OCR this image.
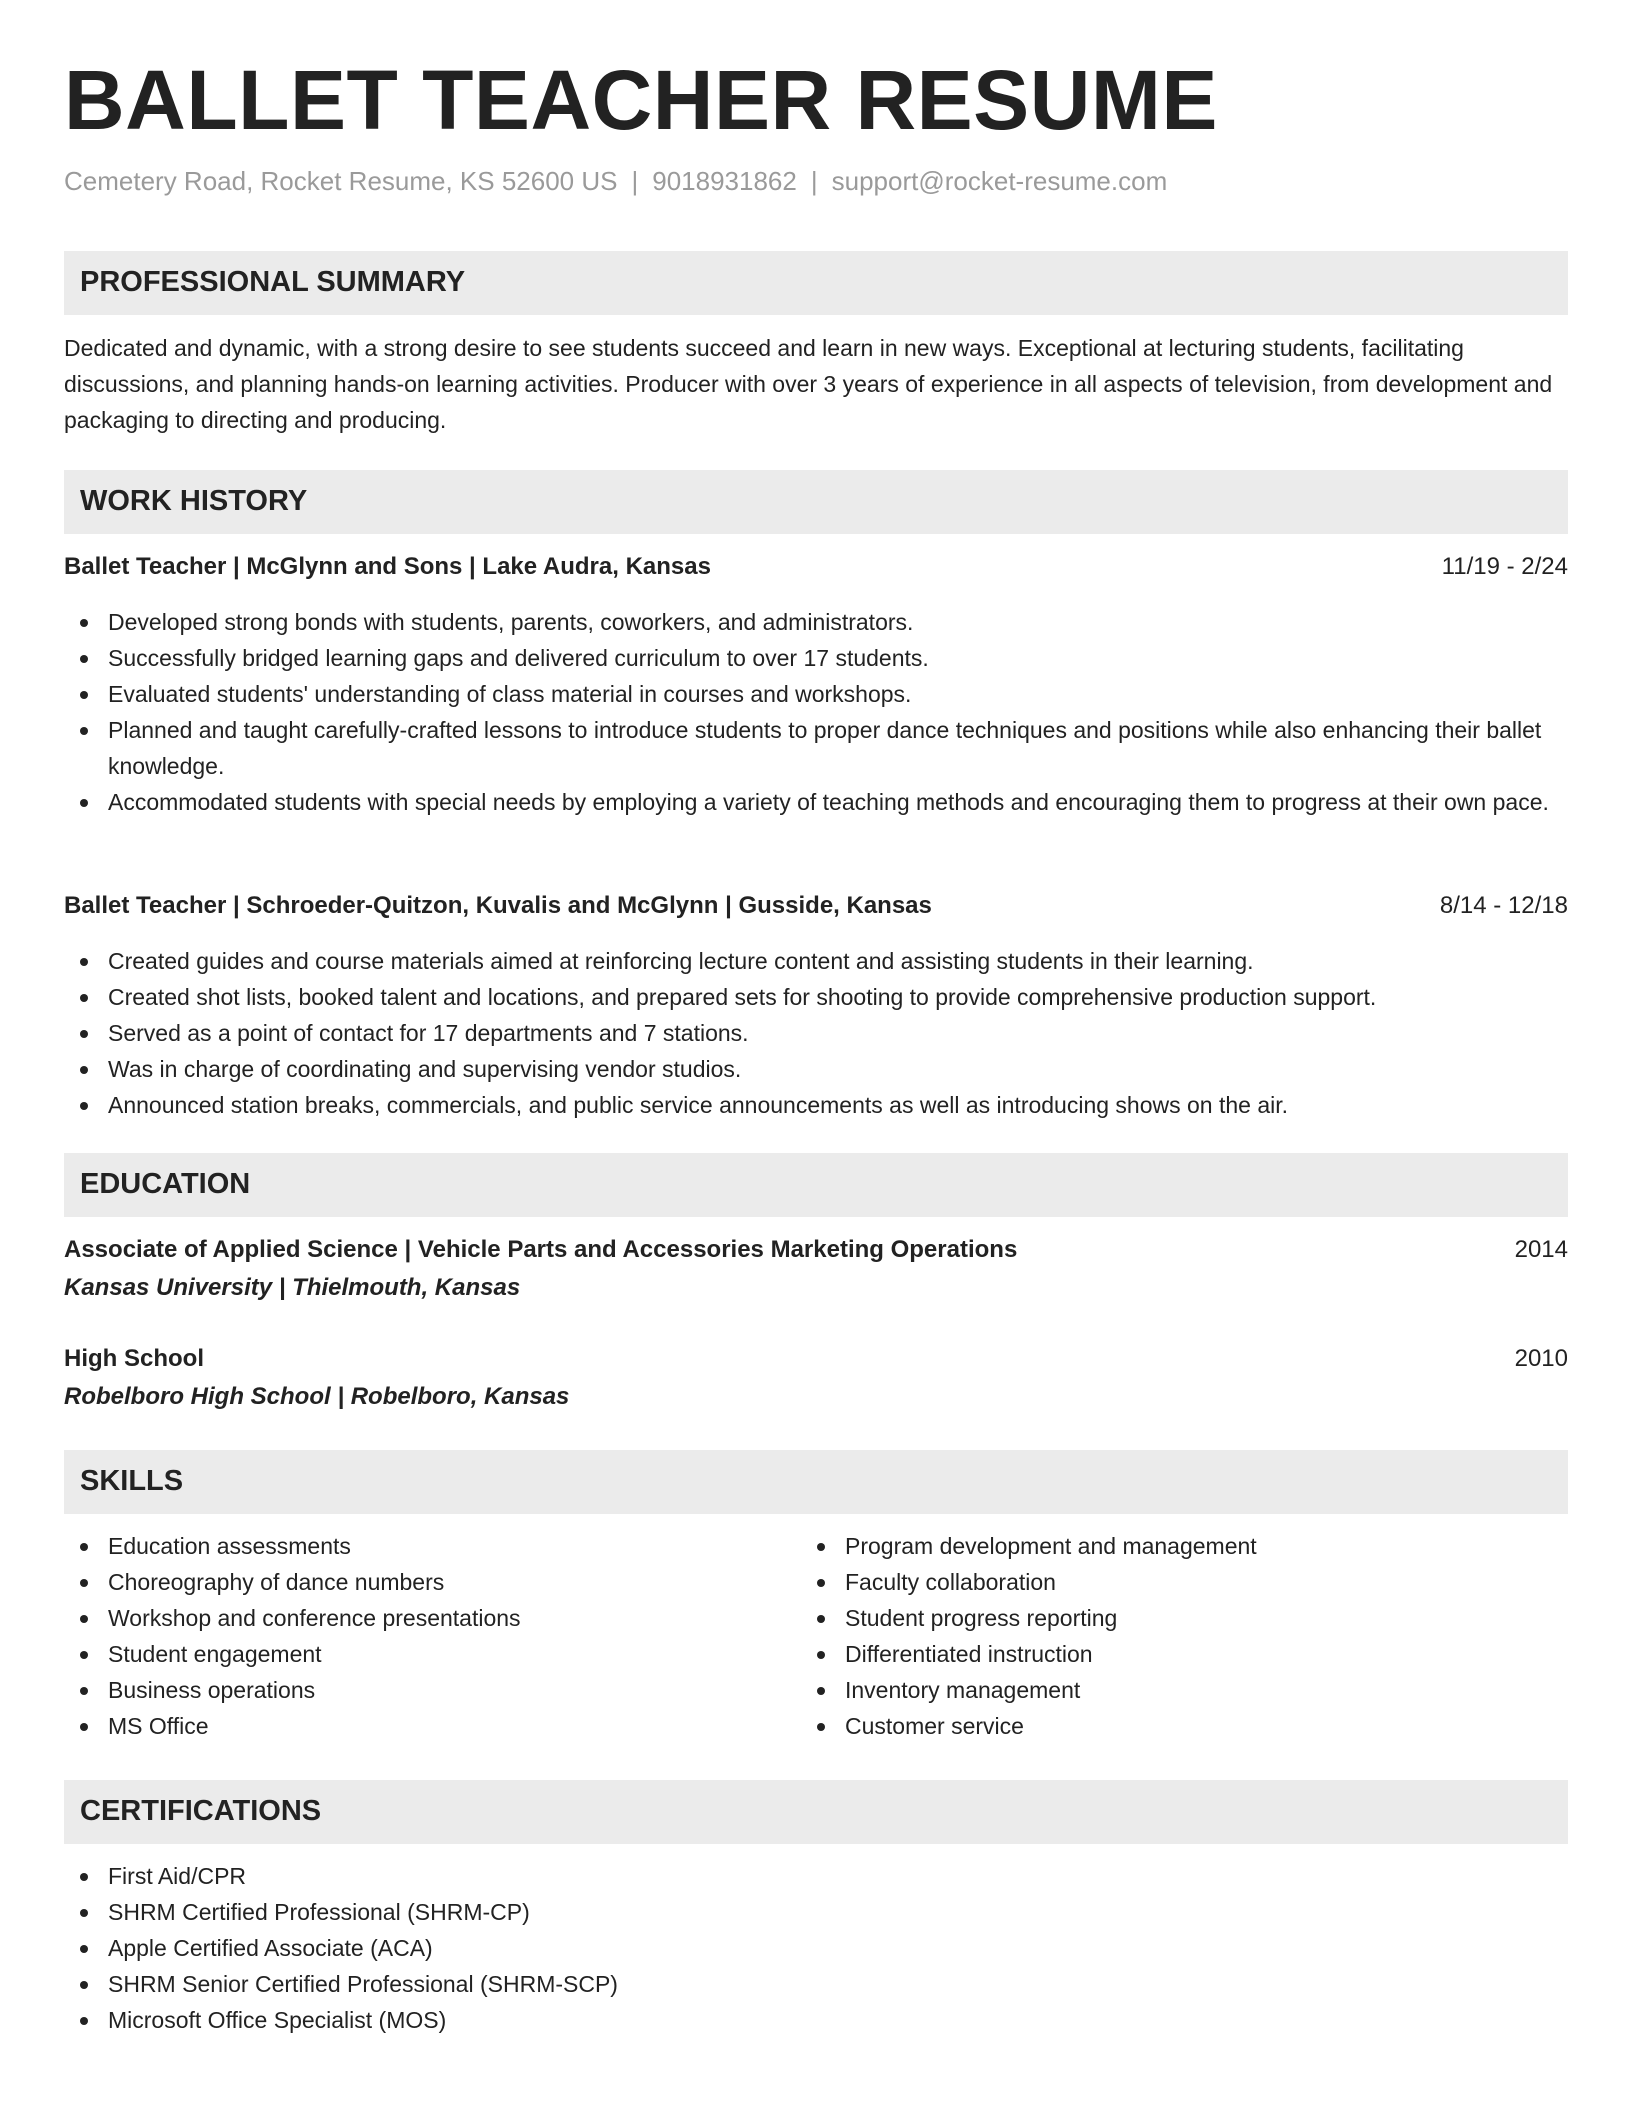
BALLET TEACHER RESUME
Cemetery Road, Rocket Resume, KS 52600 US | 9018931862 | support@rocket-resume.com
PROFESSIONAL SUMMARY
Dedicated and dynamic, with a strong desire to see students succeed and learn in new ways. Exceptional at lecturing students, facilitating discussions, and planning hands-on learning activities. Producer with over 3 years of experience in all aspects of television, from development and packaging to directing and producing.
WORK HISTORY
Ballet Teacher | McGlynn and Sons | Lake Audra, Kansas	11/19 - 2/24
Developed strong bonds with students, parents, coworkers, and administrators.
Successfully bridged learning gaps and delivered curriculum to over 17 students.
Evaluated students' understanding of class material in courses and workshops.
Planned and taught carefully-crafted lessons to introduce students to proper dance techniques and positions while also enhancing their ballet knowledge.
Accommodated students with special needs by employing a variety of teaching methods and encouraging them to progress at their own pace.
Ballet Teacher | Schroeder-Quitzon, Kuvalis and McGlynn | Gusside, Kansas	8/14 - 12/18
Created guides and course materials aimed at reinforcing lecture content and assisting students in their learning.
Created shot lists, booked talent and locations, and prepared sets for shooting to provide comprehensive production support.
Served as a point of contact for 17 departments and 7 stations.
Was in charge of coordinating and supervising vendor studios.
Announced station breaks, commercials, and public service announcements as well as introducing shows on the air.
EDUCATION
Associate of Applied Science | Vehicle Parts and Accessories Marketing Operations	2014
Kansas University | Thielmouth, Kansas
High School	2010
Robelboro High School | Robelboro, Kansas
SKILLS
Education assessments
Choreography of dance numbers
Workshop and conference presentations
Student engagement
Business operations
MS Office
Program development and management
Faculty collaboration
Student progress reporting
Differentiated instruction
Inventory management
Customer service
CERTIFICATIONS
First Aid/CPR
SHRM Certified Professional (SHRM-CP)
Apple Certified Associate (ACA)
SHRM Senior Certified Professional (SHRM-SCP)
Microsoft Office Specialist (MOS)
